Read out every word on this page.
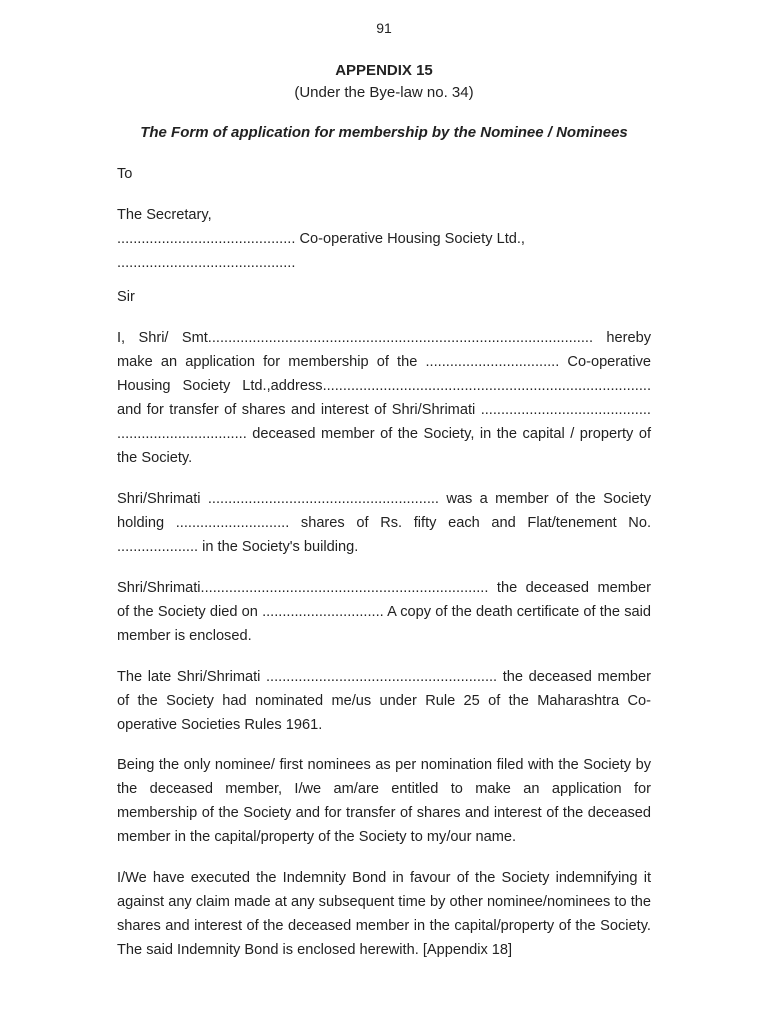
91
APPENDIX 15
(Under the Bye-law no. 34)
The Form of application for membership by the Nominee / Nominees
To
The Secretary,
............................................ Co-operative Housing Society Ltd.,
............................................
Sir
I, Shri/ Smt............................................................................................... hereby make an application for membership of the ................................. Co-operative Housing Society Ltd.,address................................................................................. and for transfer of shares and interest of Shri/Shrimati .......................................... ................................ deceased member of the Society, in the capital / property of the Society.
Shri/Shrimati ......................................................... was a member of the Society holding ............................ shares of Rs. fifty each and Flat/tenement No. .................... in the Society's building.
Shri/Shrimati....................................................................... the deceased member of the Society died on .............................. A copy of the death certificate of the said member is enclosed.
The late Shri/Shrimati ......................................................... the deceased member of the Society had nominated me/us under Rule 25 of the Maharashtra Co-operative Societies Rules 1961.
Being the only nominee/ first nominees as per nomination filed with the Society by the deceased member, I/we am/are entitled to make an application for membership of the Society and for transfer of shares and interest of the deceased member in the capital/property of the Society to my/our name.
I/We have executed the Indemnity Bond in favour of the Society indemnifying it against any claim made at any subsequent time by other nominee/nominees to the shares and interest of the deceased member in the capital/property of the Society. The said Indemnity Bond is enclosed herewith. [Appendix 18]
